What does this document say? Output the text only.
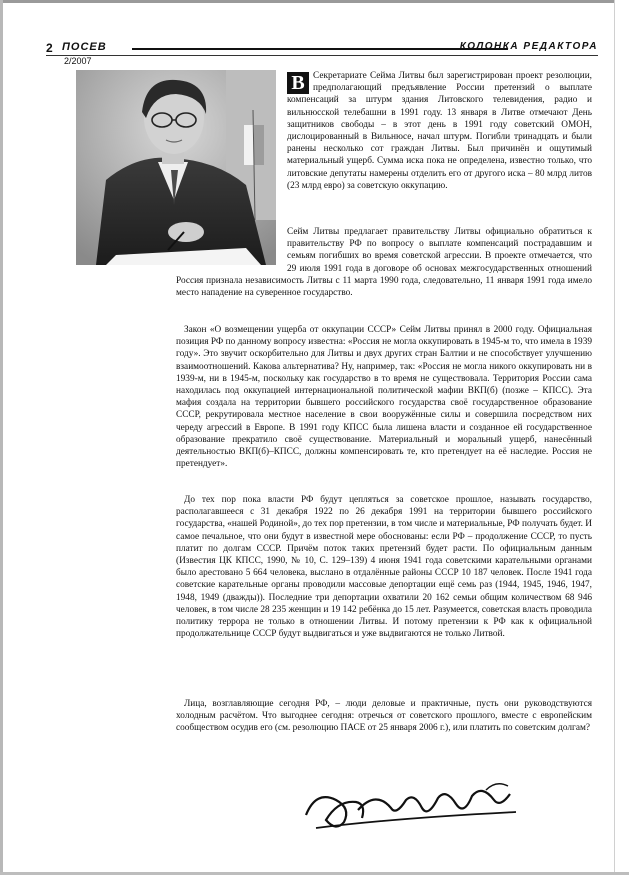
2 ПОСЕВ	КОЛОНКА РЕДАКТОРА
2/2007

В Секретариате Сейма Литвы был зарегистрирован проект резолюции, предполагающий предъявление России претензий о выплате компенсаций за штурм здания Литовского телевидения, радио и вильнюсской телебашни в 1991 году. 13 января в Литве отмечают День защитников свободы – в этот день в 1991 году советский ОМОН, дислоцированный в Вильнюсе, начал штурм. Погибли тринадцать и были ранены несколько сот граждан Литвы. Был причинён и ощутимый материальный ущерб. Сумма иска пока не определена, известно только, что литовские депутаты намерены отделить его от другого иска – 80 млрд литов (23 млрд евро) за советскую оккупацию.

Сейм Литвы предлагает правительству Литвы официально обратиться к правительству РФ по вопросу о выплате компенсаций пострадавшим и семьям погибших во время советской агрессии. В проекте отмечается, что 29 июля 1991 года в договоре об основах межгосударственных отношений Россия признала независимость Литвы с 11 марта 1990 года, следовательно, 11 января 1991 года имело место нападение на суверенное государство.

Закон «О возмещении ущерба от оккупации СССР» Сейм Литвы принял в 2000 году. Официальная позиция РФ по данному вопросу известна: «Россия не могла оккупировать в 1945-м то, что имела в 1939 году». Это звучит оскорбительно для Литвы и двух других стран Балтии и не способствует улучшению взаимоотношений. Какова альтернатива? Ну, например, так: «Россия не могла никого оккупировать ни в 1939-м, ни в 1945-м, поскольку как государство в то время не существовала. Территория России сама находилась под оккупацией интернациональной политической мафии ВКП(б) (позже – КПСС). Эта мафия создала на территории бывшего российского государства своё государственное образование СССР, рекрутировала местное население в свои вооружённые силы и совершила посредством них череду агрессий в Европе. В 1991 году КПСС была лишена власти и созданное ей государственное образование прекратило своё существование. Материальный и моральный ущерб, нанесённый деятельностью ВКП(б)–КПСС, должны компенсировать те, кто претендует на её наследие. Россия не претендует».

До тех пор пока власти РФ будут цепляться за советское прошлое, называть государство, располагавшееся с 31 декабря 1922 по 26 декабря 1991 на территории бывшего российского государства, «нашей Родиной», до тех пор претензии, в том числе и материальные, РФ получать будет. И самое печальное, что они будут в известной мере обоснованы: если РФ – продолжение СССР, то пусть платит по долгам СССР. Причём поток таких претензий будет расти. По официальным данным (Известия ЦК КПСС, 1990, № 10, С. 129–139) 4 июня 1941 года советскими карательными органами было арестовано 5 664 человека, выслано в отдалённые районы СССР 10 187 человек. После 1941 года советские карательные органы проводили массовые депортации ещё семь раз (1944, 1945, 1946, 1947, 1948, 1949 (дважды)). Последние три депортации охватили 20 162 семьи общим количеством 68 946 человек, в том числе 28 235 женщин и 19 142 ребёнка до 15 лет. Разумеется, советская власть проводила политику террора не только в отношении Литвы. И потому претензии к РФ как к официальной продолжательнице СССР будут выдвигаться и уже выдвигаются не только Литвой.

Лица, возглавляющие сегодня РФ, – люди деловые и практичные, пусть они руководствуются холодным расчётом. Что выгоднее сегодня: отречься от советского прошлого, вместе с европейским сообществом осудив его (см. резолюцию ПАСЕ от 25 января 2006 г.), или платить по советским долгам?
